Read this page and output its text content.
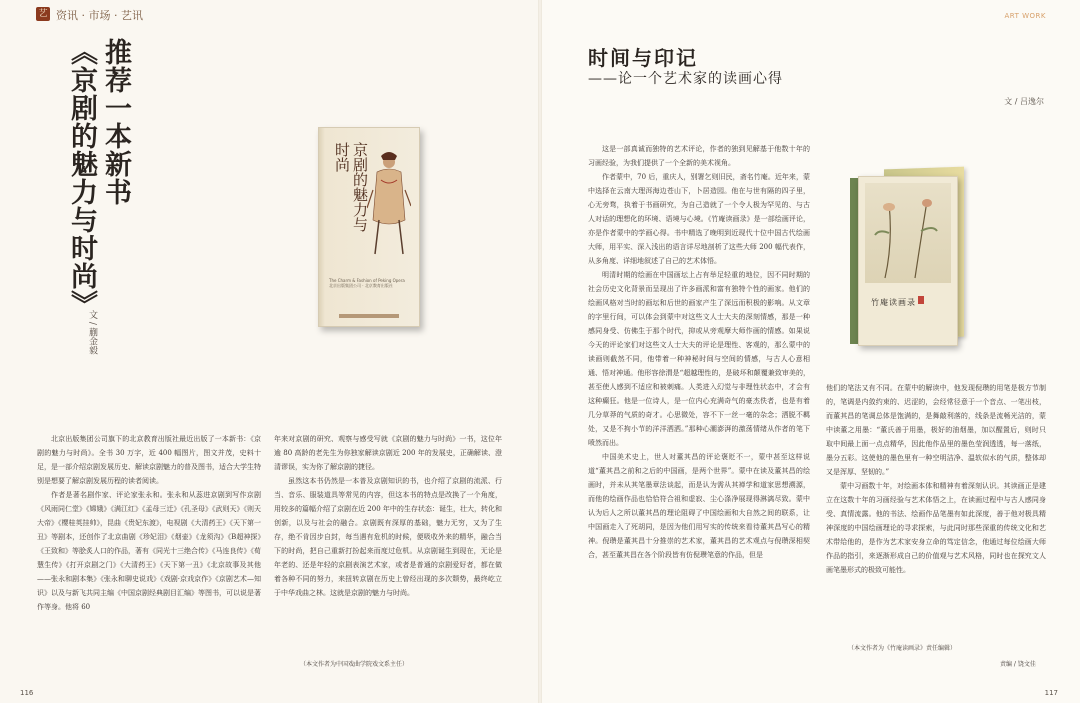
艺 资讯 · 市场 · 艺讯
推荐一本新书
《京剧的魅力与时尚》
文 / 蒯金毅
京剧的魅力与时尚
The Charm & Fashion of Peking Opera
北京出版集团公司 · 北京教育出版社

北京出版集团公司旗下的北京教育出版社最近出版了一本新书：《京剧的魅力与时尚》。全书 30 万字，近 400 幅图片，图文并茂，史料十足，是一部介绍京剧发展历史、解读京剧魅力的普及图书，适合大学生特别是想要了解京剧发展历程的读者阅读。

作者是著名剧作家、评论家张永和。张永和从蕊进京剧到写作京剧《风雨同仁堂》《嫦娥》《满江红》《孟母三迁》《孔圣母》《武则天》《则天大帝》《樱桂英挂帅》，昆曲《贵妃东渡》，电视剧《大清药王》《天下第一丑》等剧本，还创作了北京曲剧《珍妃泪》《烟壶》《龙须沟》《B超神探》《王致和》等脍炙人口的作品，著有《同光十三绝合传》《马连良传》《荀慧生传》《打开京剧之门》《大清药王》《天下第一丑》《北京故事及其他——张永和剧本集》《张永和聊史说戏》《戏剧·京戏京作》《京剧艺术—知识》以及与新飞共同主编《中国京剧经典剧目汇编》等图书，可以说是著作等身。他将 60

年来对京剧的研究、观察与感受写就《京剧的魅力与时尚》一书，这位年逾 80 高龄的老先生为你独家解读京剧近 200 年的发展史，正确解读、澄清谬误，实为你了解京剧的捷径。

虽然这本书仍然是一本普及京剧知识的书，也介绍了京剧的流派、行当、音乐、服装道具等常见的内容，但这本书的特点是改换了一个角度，用较多的篇幅介绍了京剧在近 200 年中的生存状态：诞生，壮大，转化和创新，以及与社会的融合。京剧既有深厚的基础，魅力无穷，又为了生存，绝不肯因步自封，每当遇有危机的时候，便吸收外来的精华，融合当下的时尚，把自己重新打扮起来而度过危机。从京剧诞生到现在，无论是年老的、还是年轻的京剧表演艺术家，或者是普通的京剧爱好者，都在做着各种不同的努力，来扭转京剧在历史上曾经出现的多次颓势，最终屹立于中华戏曲之林。这就是京剧的魅力与时尚。

（本文作者为中国戏曲学院戏文系主任）
116
ART WORK
时间与印记
——论一个艺术家的读画心得
文 / 吕逸尔
竹庵读画录

这是一部真诚而独特的艺术评论，作者的独到见解基于他数十年的习画经验，为我们提供了一个全新的美术视角。

作者蒙中，70 后，重庆人，别署乞则旧民，斋名竹庵。近年来，蒙中选择在云南大理洱海边苍山下，卜居造园。他在与世有隔的四子里，心无旁骛，执着于书画研究，为自己造就了一个令人极为罕见的、与古人对话的理想化的环境、语境与心境。《竹庵读画录》是一部绘画评论，亦是作者蒙中的学画心得。书中精选了晚明到近现代十位中国古代绘画大师，用平实、深入浅出的语言详尽地剖析了这些大师 200 幅代表作，从多角度、详细地叙述了自己的艺术体悟。

明清时期的绘画在中国画坛上占有举足轻重的地位，因不同时期的社会历史文化背景而呈现出了许多画派和富有独特个性的画家。他们的绘画风格对当时的画坛和后世的画家产生了深远而积极的影响。从文章的字里行间，可以体会到蒙中对这些文人士大夫的深刻情感，那是一种感同身受、仿佛生于那个时代，抑或从旁观摩大师作画的情感。如果说今天的评论家们对这些文人士大夫的评论是理性、客观的，那么蒙中的读画则截然不同，他带着一种神秘时间与空间的情感，与古人心意相通、悟对神通。他形容徐渭是“超越理性的，是破坏和颠覆兼致审美的，甚至使人感到不适应和被刺痛。人类进入幻觉与非理性状态中，才会有这种癫狂。他是一位诗人，是一位内心充满奇气的豪杰佚者，也是有着几分草莽的气质的奇才。心思微处，容不下一丝一毫的杂念；洒脱不羁处，又是不拘小节的洋洋洒洒。”那种心潮澎湃的激荡情绪从作者的笔下喷然而出。

中国美术史上，世人对董其昌的评论褒贬不一，蒙中甚至这样说道“董其昌之前和之后的中国画，是两个世界”。蒙中在读及董其昌的绘画时，并未从其笔墨章法谈起，而是认为需从其禅学和道家思想溯源，而他的绘画作品也恰恰符合祖和虚寂、尘心涤净展现得淋漓尽致。蒙中认为后人之所以董其昌的理论阻碍了中国绘画和大自然之间的联系，让中国画走入了死胡同，是因为他们用写实的传统来看待董其昌写心的精神。倪瓒是董其昌十分推崇的艺术家，董其昌的艺术观点与倪瓒深相契合，甚至董其昌在各个阶段皆有仿倪瓒笔意的作品，但是

他们的笔法又有不同。在蒙中的解读中，他发现倪瓒的用笔是极方节制的，笔调是内敛约束的、迟涩的，会经常径意于一个音点、一笔出枝，而董其昌的笔调总体是饱满的，是舞敲利落的，线条是流畅光洁的，蒙中读董之用墨：“董氏善于用墨，极好的油烟墨，加以醒置后，则时只取中间最上面一点点精华，因此他作品里的墨色莹润透透，每一落纸，墨分五彩。这使他的墨色里有一种空明洁净、温软似水的气质，整体却又是浑厚、坚韧的。”

蒙中习画数十年，对绘画本体和精神有着深刻认识。其读画正是建立在这数十年的习画经验与艺术体悟之上，在读画过程中与古人感同身受、真情流露。他的书法、绘画作品笔墨有如此深度，善于他对极具精神深度的中国绘画理论的寻求探索，与此同时那些深重的传统文化和艺术带给他的，是作为艺术家安身立命的笃定信念，他通过每位绘画大师作品的指引，来逐渐形成自己的价值观与艺术风格，同时也在探究文人画笔墨形式的极致可能性。

（本文作者为《竹庵读画录》责任编辑）
责编 / 饶文佳
117
